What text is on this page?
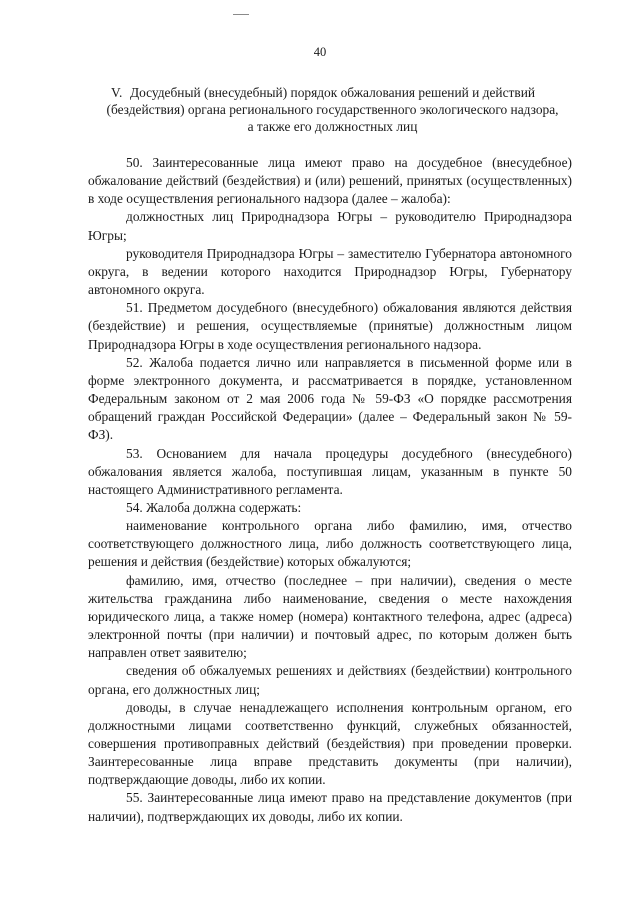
40
V. Досудебный (внесудебный) порядок обжалования решений и действий (бездействия) органа регионального государственного экологического надзора, а также его должностных лиц

50. Заинтересованные лица имеют право на досудебное (внесудебное) обжалование действий (бездействия) и (или) решений, принятых (осуществленных) в ходе осуществления регионального надзора (далее – жалоба):

должностных лиц Природнадзора Югры – руководителю Природнадзора Югры;

руководителя Природнадзора Югры – заместителю Губернатора автономного округа, в ведении которого находится Природнадзор Югры, Губернатору автономного округа.

51. Предметом досудебного (внесудебного) обжалования являются действия (бездействие) и решения, осуществляемые (принятые) должностным лицом Природнадзора Югры в ходе осуществления регионального надзора.

52. Жалоба подается лично или направляется в письменной форме или в форме электронного документа, и рассматривается в порядке, установленном Федеральным законом от 2 мая 2006 года № 59-ФЗ «О порядке рассмотрения обращений граждан Российской Федерации» (далее – Федеральный закон № 59-ФЗ).

53. Основанием для начала процедуры досудебного (внесудебного) обжалования является жалоба, поступившая лицам, указанным в пункте 50 настоящего Административного регламента.

54. Жалоба должна содержать:

наименование контрольного органа либо фамилию, имя, отчество соответствующего должностного лица, либо должность соответствующего лица, решения и действия (бездействие) которых обжалуются;

фамилию, имя, отчество (последнее – при наличии), сведения о месте жительства гражданина либо наименование, сведения о месте нахождения юридического лица, а также номер (номера) контактного телефона, адрес (адреса) электронной почты (при наличии) и почтовый адрес, по которым должен быть направлен ответ заявителю;

сведения об обжалуемых решениях и действиях (бездействии) контрольного органа, его должностных лиц;

доводы, в случае ненадлежащего исполнения контрольным органом, его должностными лицами соответственно функций, служебных обязанностей, совершения противоправных действий (бездействия) при проведении проверки. Заинтересованные лица вправе представить документы (при наличии), подтверждающие доводы, либо их копии.

55. Заинтересованные лица имеют право на представление документов (при наличии), подтверждающих их доводы, либо их копии.
